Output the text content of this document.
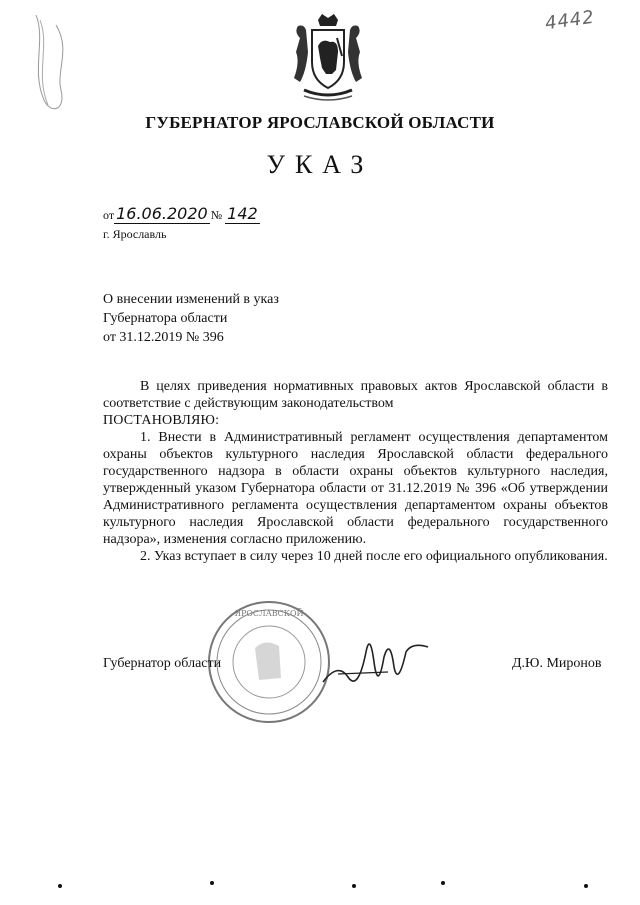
4442
ГУБЕРНАТОР ЯРОСЛАВСКОЙ ОБЛАСТИ
УКАЗ
от 16.06.2020 № 142
г. Ярославль
О внесении изменений в указ
Губернатора области
от 31.12.2019 № 396

В целях приведения нормативных правовых актов Ярославской области в соответствие с действующим законодательством

ПОСТАНОВЛЯЮ:

1. Внести в Административный регламент осуществления департаментом охраны объектов культурного наследия Ярославской области федерального государственного надзора в области охраны объектов культурного наследия, утвержденный указом Губернатора области от 31.12.2019 № 396 «Об утверждении Административного регламента осуществления департаментом охраны объектов культурного наследия Ярославской области федерального государственного надзора», изменения согласно приложению.

2. Указ вступает в силу через 10 дней после его официального опубликования.

ЯРОСЛАВСКОЙ
Губернатор области	Д.Ю. Миронов
